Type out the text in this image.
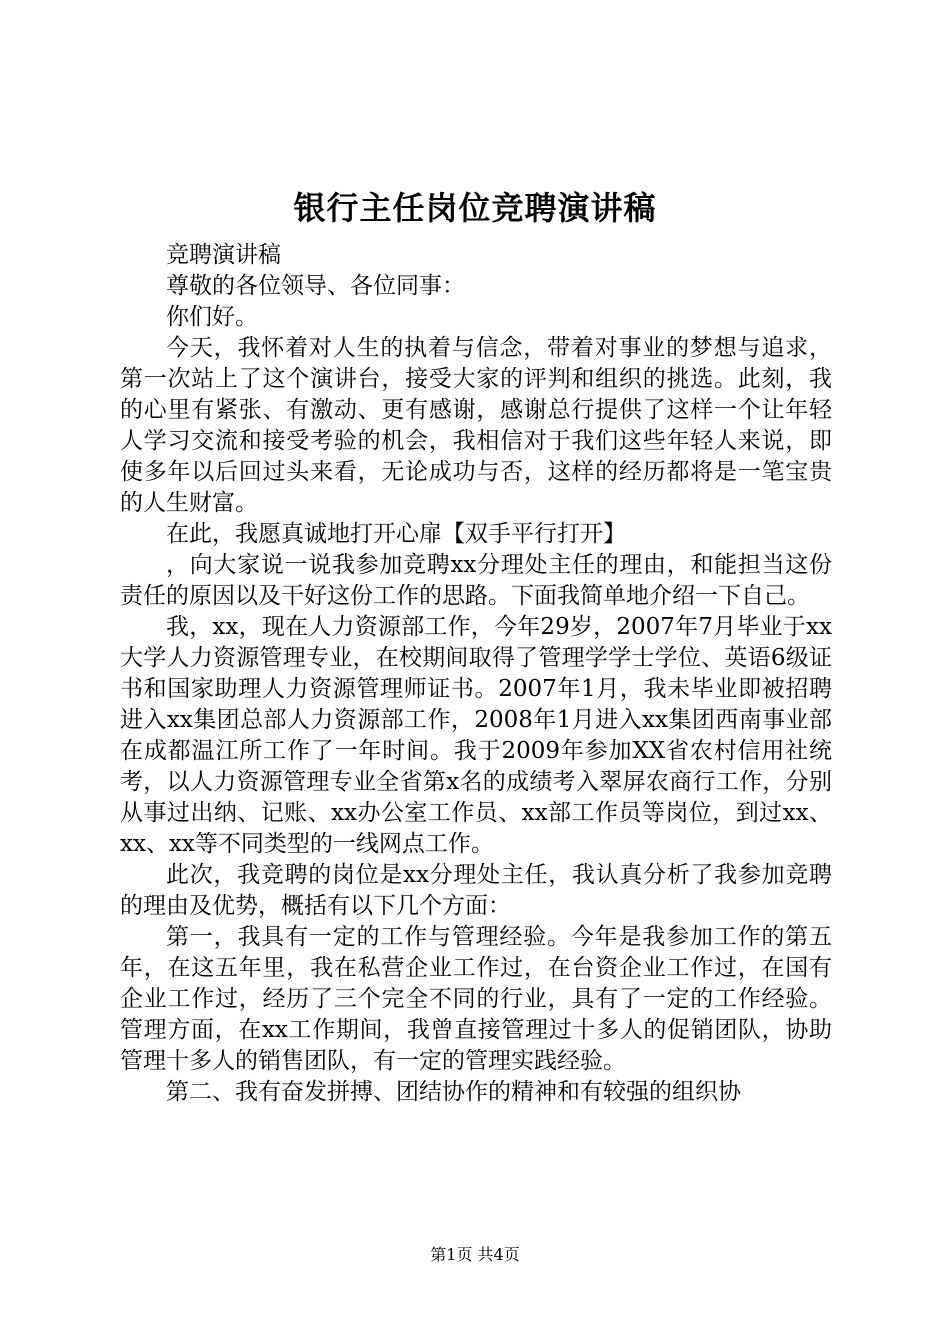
银行主任岗位竞聘演讲稿

竞聘演讲稿

尊敬的各位领导、各位同事：

你们好。

今天，我怀着对人生的执着与信念，带着对事业的梦想与追求，第一次站上了这个演讲台，接受大家的评判和组织的挑选。此刻，我的心里有紧张、有激动、更有感谢，感谢总行提供了这样一个让年轻人学习交流和接受考验的机会，我相信对于我们这些年轻人来说，即使多年以后回过头来看，无论成功与否，这样的经历都将是一笔宝贵的人生财富。

在此，我愿真诚地打开心扉【双手平行打开】

，向大家说一说我参加竞聘xx分理处主任的理由，和能担当这份责任的原因以及干好这份工作的思路。下面我简单地介绍一下自己。

我，xx，现在人力资源部工作，今年29岁，2007年7月毕业于xx大学人力资源管理专业，在校期间取得了管理学学士学位、英语6级证书和国家助理人力资源管理师证书。2007年1月，我未毕业即被招聘进入xx集团总部人力资源部工作，2008年1月进入xx集团西南事业部在成都温江所工作了一年时间。我于2009年参加XX省农村信用社统考，以人力资源管理专业全省第x名的成绩考入翠屏农商行工作，分别从事过出纳、记账、xx办公室工作员、xx部工作员等岗位，到过xx、xx、xx等不同类型的一线网点工作。

此次，我竞聘的岗位是xx分理处主任，我认真分析了我参加竞聘的理由及优势，概括有以下几个方面：

第一，我具有一定的工作与管理经验。今年是我参加工作的第五年，在这五年里，我在私营企业工作过，在台资企业工作过，在国有企业工作过，经历了三个完全不同的行业，具有了一定的工作经验。管理方面，在xx工作期间，我曾直接管理过十多人的促销团队，协助管理十多人的销售团队，有一定的管理实践经验。

第二、我有奋发拼搏、团结协作的精神和有较强的组织协

第1页 共4页
